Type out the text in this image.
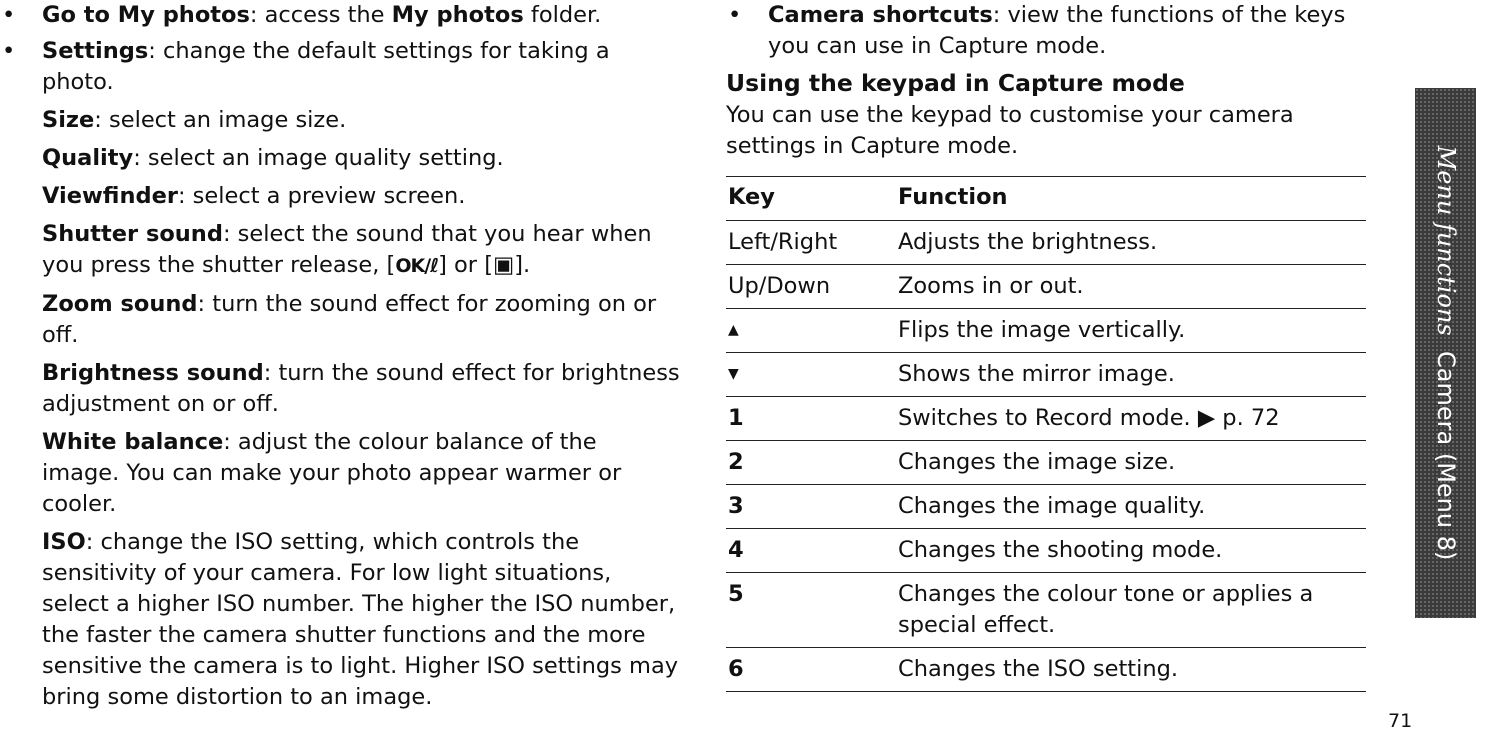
• Go to My photos: access the My photos folder.

• Settings: change the default settings for taking a photo.

Size: select an image size.

Quality: select an image quality setting.

Viewfinder: select a preview screen.

Shutter sound: select the sound that you hear when you press the shutter release, [OK/ℓ] or [▣].

Zoom sound: turn the sound effect for zooming on or off.

Brightness sound: turn the sound effect for brightness adjustment on or off.

White balance: adjust the colour balance of the image. You can make your photo appear warmer or cooler.

ISO: change the ISO setting, which controls the sensitivity of your camera. For low light situations, select a higher ISO number. The higher the ISO number, the faster the camera shutter functions and the more sensitive the camera is to light. Higher ISO settings may bring some distortion to an image.

• Camera shortcuts: view the functions of the keys you can use in Capture mode.

Using the keypad in Capture mode

You can use the keypad to customise your camera settings in Capture mode.

Key	Function
Left/Right	Adjusts the brightness.
Up/Down	Zooms in or out.
▲	Flips the image vertically.
▼	Shows the mirror image.
1	Switches to Record mode. ▶ p. 72
2	Changes the image size.
3	Changes the image quality.
4	Changes the shooting mode.
5	Changes the colour tone or applies a special effect.
6	Changes the ISO setting.
Menu functions  Camera (Menu 8)
71
